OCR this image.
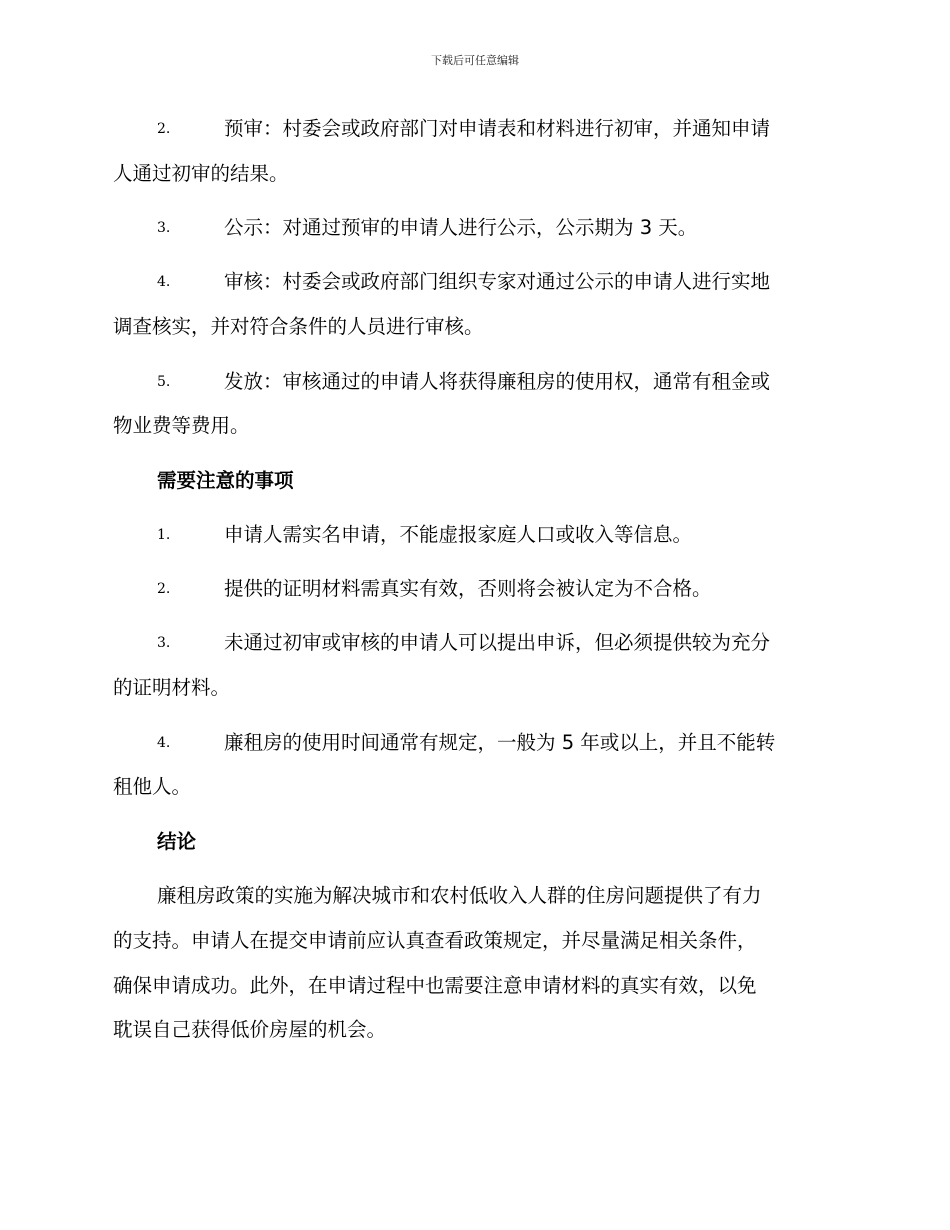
下载后可任意编辑
2.	预审：村委会或政府部门对申请表和材料进行初审，并通知申请
人通过初审的结果。
3.	公示：对通过预审的申请人进行公示，公示期为 3 天。
4.	审核：村委会或政府部门组织专家对通过公示的申请人进行实地
调查核实，并对符合条件的人员进行审核。
5.	发放：审核通过的申请人将获得廉租房的使用权，通常有租金或
物业费等费用。
需要注意的事项
1.	申请人需实名申请，不能虚报家庭人口或收入等信息。
2.	提供的证明材料需真实有效，否则将会被认定为不合格。
3.	未通过初审或审核的申请人可以提出申诉，但必须提供较为充分
的证明材料。
4.	廉租房的使用时间通常有规定，一般为 5 年或以上，并且不能转
租他人。
结论
廉租房政策的实施为解决城市和农村低收入人群的住房问题提供了有力
的支持。申请人在提交申请前应认真查看政策规定，并尽量满足相关条件，
确保申请成功。此外，在申请过程中也需要注意申请材料的真实有效，以免
耽误自己获得低价房屋的机会。
